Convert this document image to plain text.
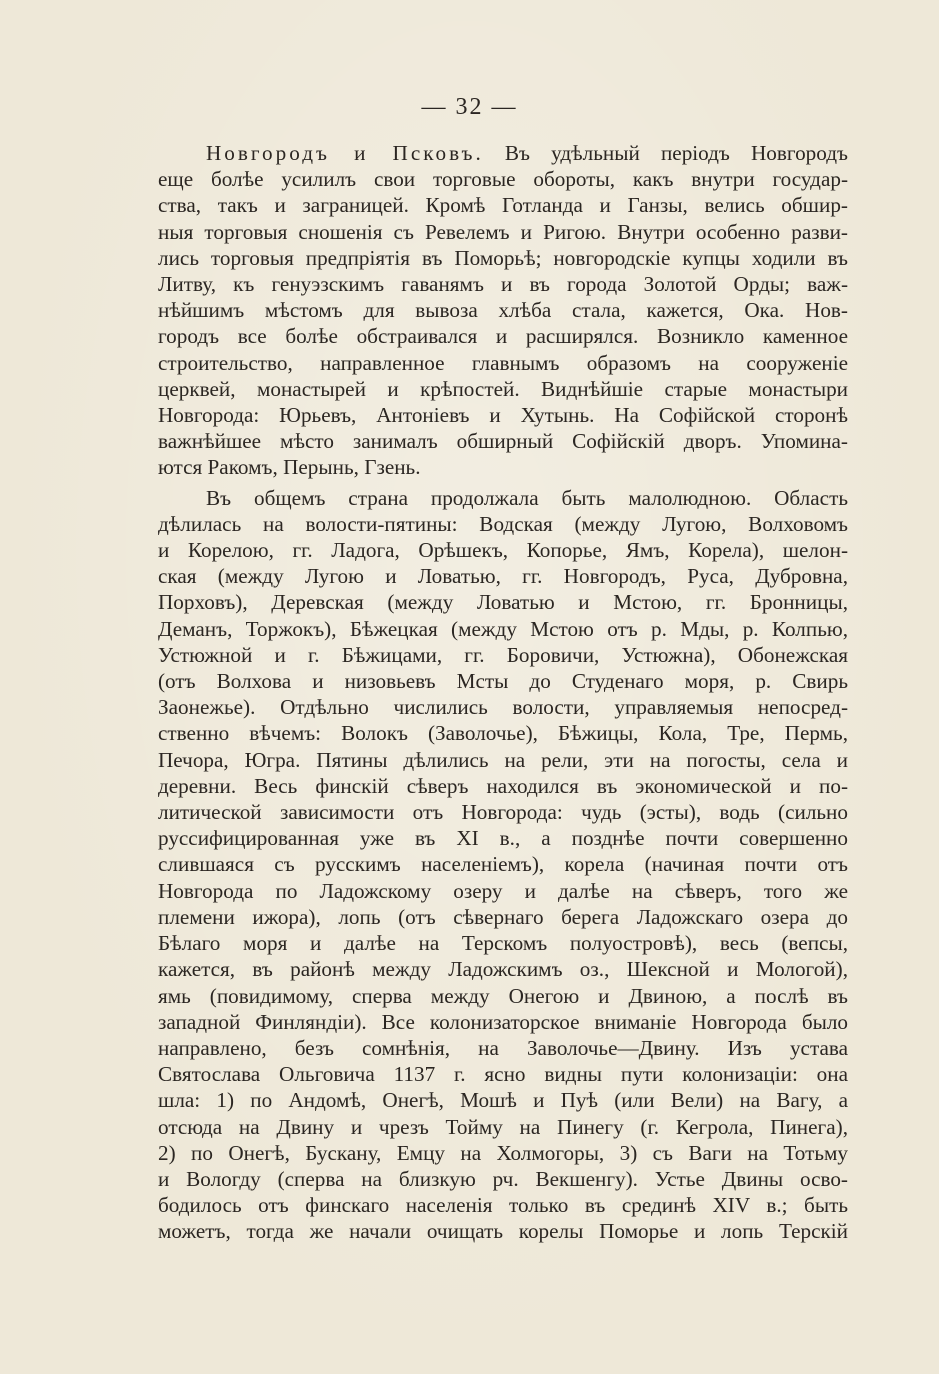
— 32 —

Новгородъ и Псковъ. Въ удѣльный періодъ Новгородъ
еще болѣе усилилъ свои торговые обороты, какъ внутри государ-
ства, такъ и заграницей. Кромѣ Готланда и Ганзы, велись обшир-
ныя торговыя сношенія съ Ревелемъ и Ригою. Внутри особенно разви-
лись торговыя предпріятія въ Поморьѣ; новгородскіе купцы ходили въ
Литву, къ генуэзскимъ гаванямъ и въ города Золотой Орды; важ-
нѣйшимъ мѣстомъ для вывоза хлѣба стала, кажется, Ока. Нов-
городъ все болѣе обстраивался и расширялся. Возникло каменное
строительство, направленное главнымъ образомъ на сооруженіе
церквей, монастырей и крѣпостей. Виднѣйшіе старые монастыри
Новгорода: Юрьевъ, Антоніевъ и Хутынь. На Софійской сторонѣ
важнѣйшее мѣсто занималъ обширный Софійскій дворъ. Упомина-
ются Ракомъ, Перынь, Гзень.

Въ общемъ страна продолжала быть малолюдною. Область
дѣлилась на волости-пятины: Водская (между Лугою, Волховомъ
и Корелою, гг. Ладога, Орѣшекъ, Копорье, Ямъ, Корела), шелон-
ская (между Лугою и Ловатью, гг. Новгородъ, Руса, Дубровна,
Порховъ), Деревская (между Ловатью и Мстою, гг. Бронницы,
Деманъ, Торжокъ), Бѣжецкая (между Мстою отъ р. Мды, р. Колпью,
Устюжной и г. Бѣжицами, гг. Боровичи, Устюжна), Обонежская
(отъ Волхова и низовьевъ Мсты до Студенаго моря, р. Свирь
Заонежье). Отдѣльно числились волости, управляемыя непосред-
ственно вѣчемъ: Волокъ (Заволочье), Бѣжицы, Кола, Тре, Пермь,
Печора, Югра. Пятины дѣлились на рели, эти на погосты, села и
деревни. Весь финскій сѣверъ находился въ экономической и по-
литической зависимости отъ Новгорода: чудь (эсты), водь (сильно
руссифицированная уже въ XI в., а позднѣе почти совершенно
слившаяся съ русскимъ населеніемъ), корела (начиная почти отъ
Новгорода по Ладожскому озеру и далѣе на сѣверъ, того же
племени ижора), лопь (отъ сѣвернаго берега Ладожскаго озера до
Бѣлаго моря и далѣе на Терскомъ полуостровѣ), весь (вепсы,
кажется, въ районѣ между Ладожскимъ оз., Шексной и Мологой),
ямь (повидимому, сперва между Онегою и Двиною, а послѣ въ
западной Финляндіи). Все колонизаторское вниманіе Новгорода было
направлено, безъ сомнѣнія, на Заволочье—Двину. Изъ устава
Святослава Ольговича 1137 г. ясно видны пути колонизаціи: она
шла: 1) по Андомѣ, Онегѣ, Мошѣ и Пуѣ (или Вели) на Вагу, а
отсюда на Двину и чрезъ Тойму на Пинегу (г. Кегрола, Пинега),
2) по Онегѣ, Бускану, Емцу на Холмогоры, 3) съ Ваги на Тотьму
и Вологду (сперва на близкую рч. Векшенгу). Устье Двины осво-
бодилось отъ финскаго населенія только въ срединѣ XIV в.; быть
можетъ, тогда же начали очищать корелы Поморье и лопь Терскій
